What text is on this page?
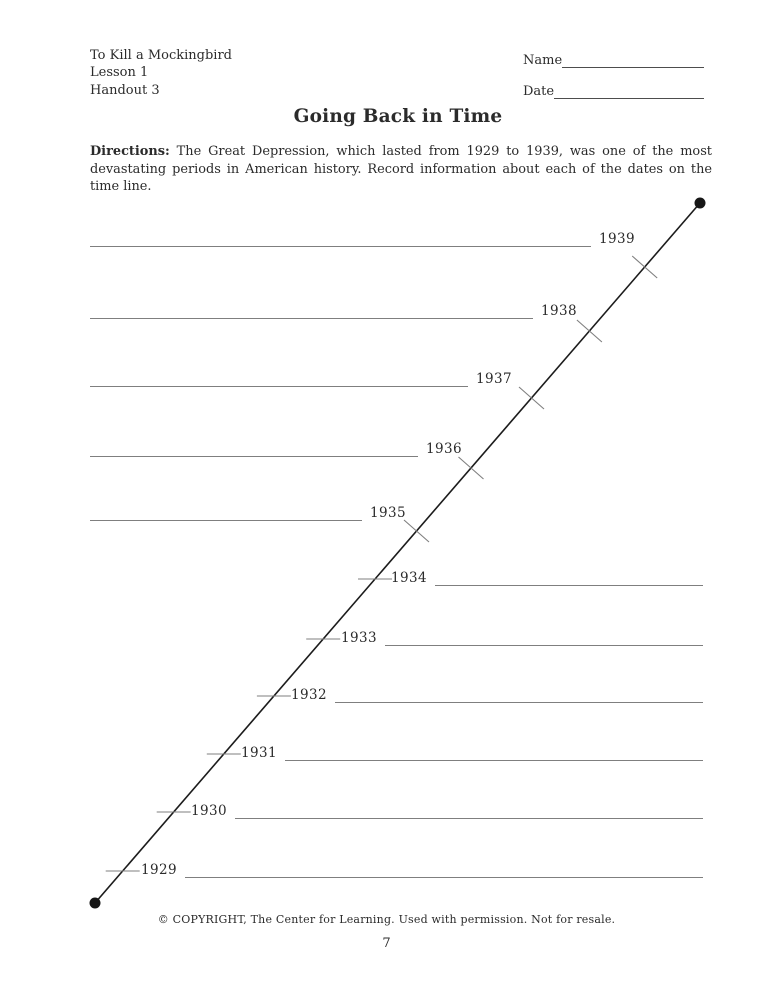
To Kill a Mockingbird
Lesson 1
Handout 3
Name
Date
Going Back in Time

Directions: The Great Depression, which lasted from 1929 to 1939, was one of the most devastating periods in American history. Record information about each of the dates on the time line.

1929
1930
1931
1932
1933
1934
1935
1936
1937
1938
1939
© COPYRIGHT, The Center for Learning. Used with permission. Not for resale.
7
